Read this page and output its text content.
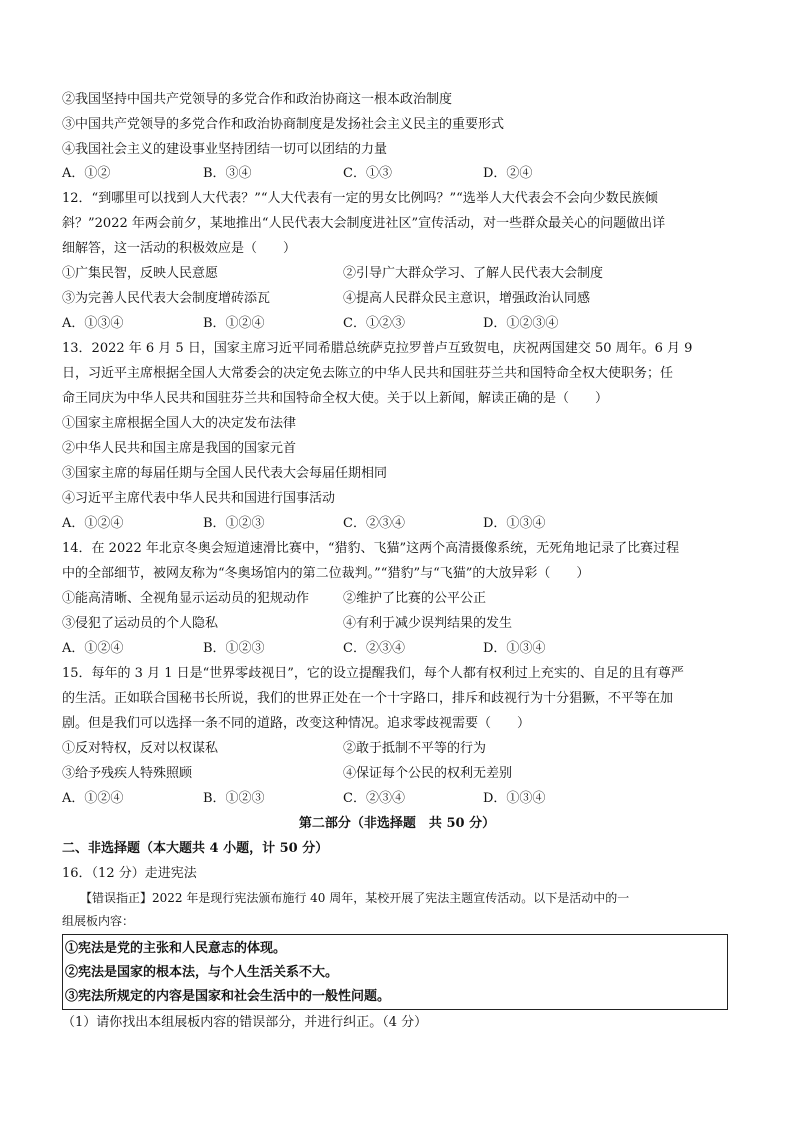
②我国坚持中国共产党领导的多党合作和政治协商这一根本政治制度
③中国共产党领导的多党合作和政治协商制度是发扬社会主义民主的重要形式
④我国社会主义的建设事业坚持团结一切可以团结的力量
A．①②	B．③④	C．①③	D．②④
12．“到哪里可以找到人大代表？”“人大代表有一定的男女比例吗？”“选举人大代表会不会向少数民族倾
斜？”2022 年两会前夕，某地推出“人民代表大会制度进社区”宣传活动，对一些群众最关心的问题做出详
细解答，这一活动的积极效应是（　　）
①广集民智，反映人民意愿	②引导广大群众学习、了解人民代表大会制度
③为完善人民代表大会制度增砖添瓦	④提高人民群众民主意识，增强政治认同感
A．①③④	B．①②④	C．①②③	D．①②③④
13．2022 年 6 月 5 日，国家主席习近平同希腊总统萨克拉罗普卢互致贺电，庆祝两国建交 50 周年。6 月 9
日，习近平主席根据全国人大常委会的决定免去陈立的中华人民共和国驻芬兰共和国特命全权大使职务；任
命王同庆为中华人民共和国驻芬兰共和国特命全权大使。关于以上新闻，解读正确的是（　　）
①国家主席根据全国人大的决定发布法律
②中华人民共和国主席是我国的国家元首
③国家主席的每届任期与全国人民代表大会每届任期相同
④习近平主席代表中华人民共和国进行国事活动
A．①②④	B．①②③	C．②③④	D．①③④
14．在 2022 年北京冬奥会短道速滑比赛中，“猎豹、飞猫”这两个高清摄像系统，无死角地记录了比赛过程
中的全部细节，被网友称为“冬奥场馆内的第二位裁判。”“猎豹”与“飞猫”的大放异彩（　　）
①能高清晰、全视角显示运动员的犯规动作	②维护了比赛的公平公正
③侵犯了运动员的个人隐私	④有利于减少误判结果的发生
A．①②④	B．①②③	C．②③④	D．①③④
15．每年的 3 月 1 日是“世界零歧视日”，它的设立提醒我们，每个人都有权利过上充实的、自足的且有尊严
的生活。正如联合国秘书长所说，我们的世界正处在一个十字路口，排斥和歧视行为十分猖獗，不平等在加
剧。但是我们可以选择一条不同的道路，改变这种情况。追求零歧视需要（　　）
①反对特权，反对以权谋私	②敢于抵制不平等的行为
③给予残疾人特殊照顾	④保证每个公民的权利无差别
A．①②④	B．①②③	C．②③④	D．①③④
第二部分（非选择题　共 50 分）
二、非选择题（本大题共 4 小题，计 50 分）
16．（12 分）走进宪法
　　【错误指正】2022 年是现行宪法颁布施行 40 周年，某校开展了宪法主题宣传活动。以下是活动中的一
组展板内容：
①宪法是党的主张和人民意志的体现。
②宪法是国家的根本法，与个人生活关系不大。
③宪法所规定的内容是国家和社会生活中的一般性问题。
（1）请你找出本组展板内容的错误部分，并进行纠正。（4 分）
